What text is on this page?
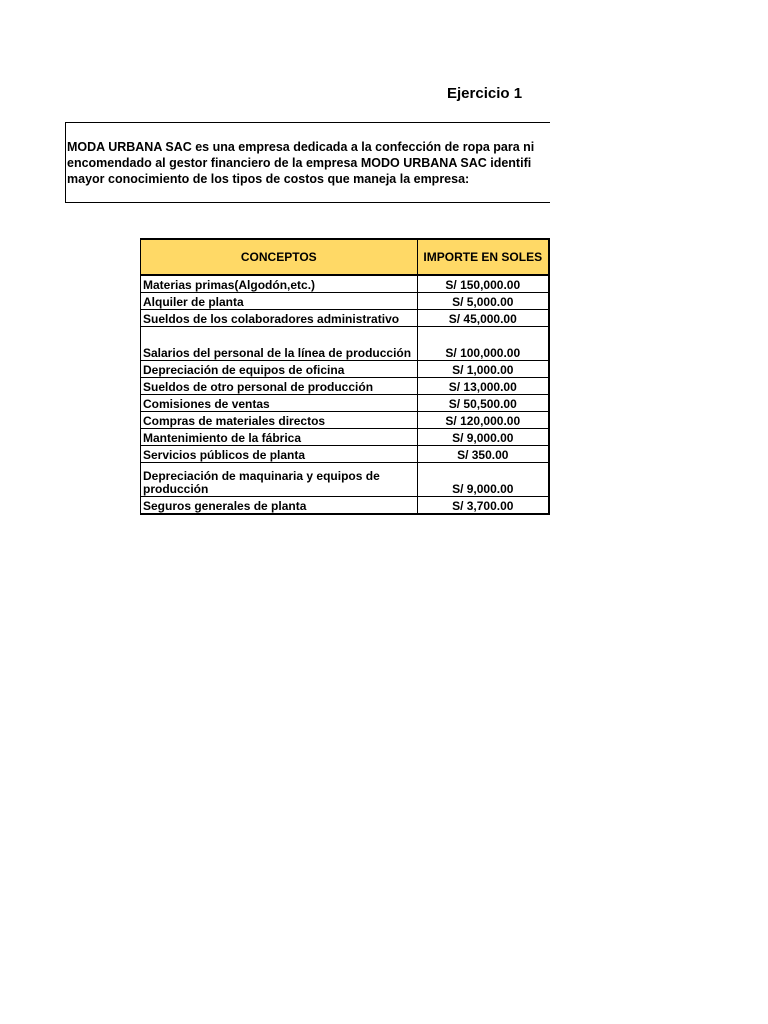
Ejercicio 1
MODA URBANA SAC es una empresa dedicada a la confección de ropa para ni
encomendado al gestor financiero de la empresa MODO URBANA SAC identifi
mayor conocimiento de los tipos de costos que maneja la empresa:
CONCEPTOS	IMPORTE EN SOLES
Materias primas(Algodón,etc.)	S/ 150,000.00
Alquiler de planta	S/ 5,000.00
Sueldos de los colaboradores administrativo	S/ 45,000.00
Salarios del personal de la línea de producción	S/ 100,000.00
Depreciación de equipos de oficina	S/ 1,000.00
Sueldos de otro personal de producción	S/ 13,000.00
Comisiones de ventas	S/ 50,500.00
Compras de materiales directos	S/ 120,000.00
Mantenimiento de la fábrica	S/ 9,000.00
Servicios públicos de planta	S/ 350.00
Depreciación de maquinaria y equipos de producción	S/ 9,000.00
Seguros generales de planta	S/ 3,700.00
